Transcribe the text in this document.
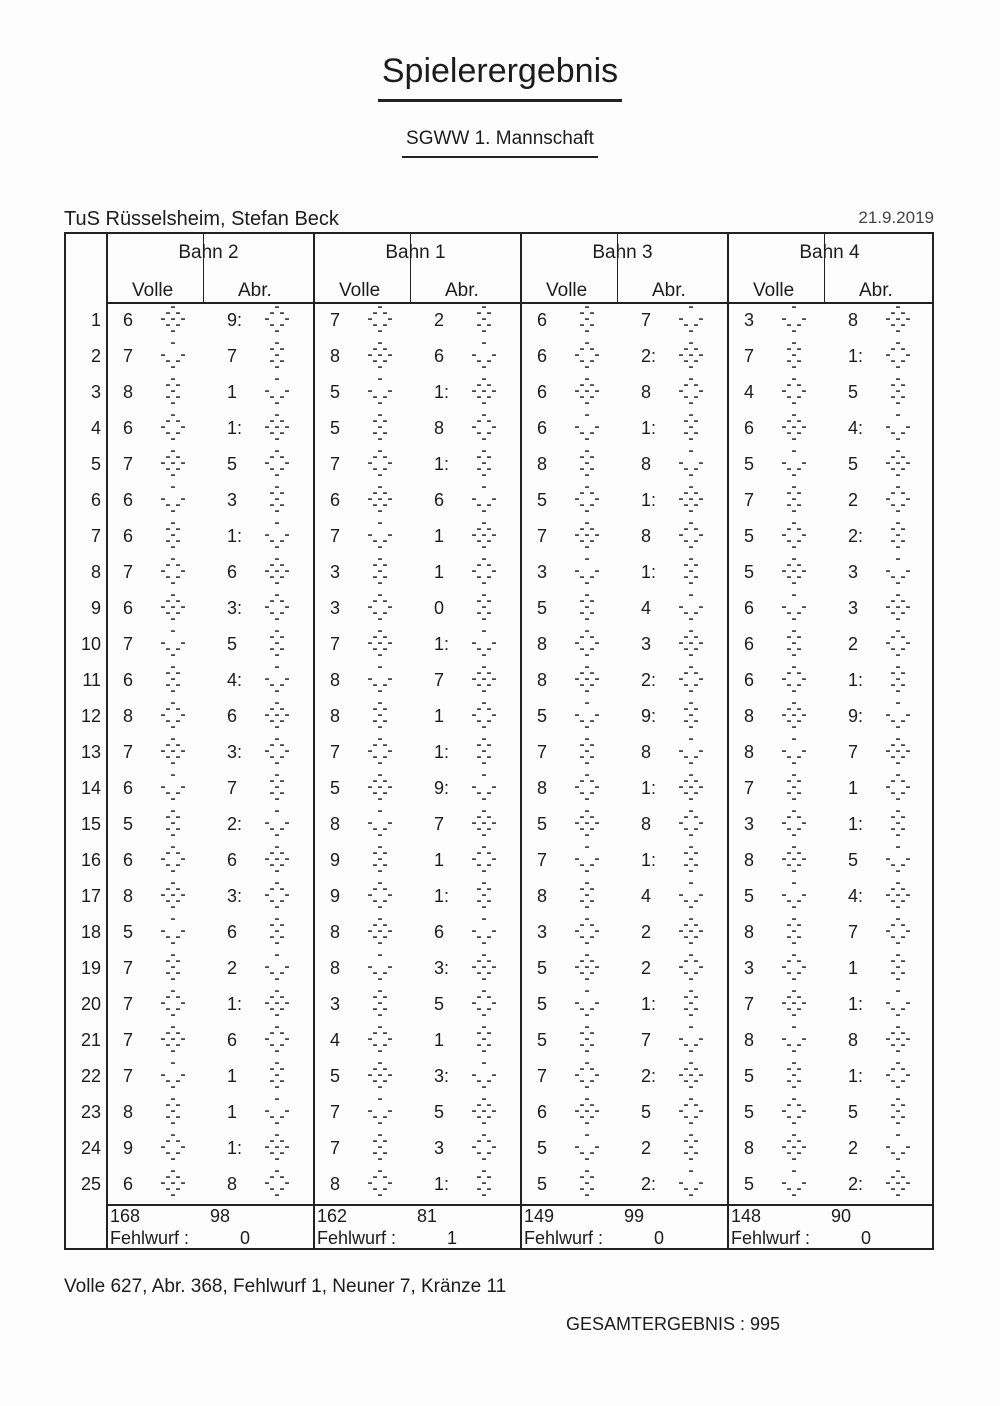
Spielerergebnis
SGWW 1. Mannschaft
TuS Rüsselsheim, Stefan Beck	21.9.2019
Bahn 2
Volle	Abr.
168	98
Fehlwurf :	0
Bahn 1
Volle	Abr.
162	81
Fehlwurf :	1
Bahn 3
Volle	Abr.
149	99
Fehlwurf :	0
Bahn 4
Volle	Abr.
148	90
Fehlwurf :	0
1 6	9:	7	2	6	7	3	8
2 7	7	8	6	6	2:	7	1:
3 8	1	5	1:	6	8	4	5
4 6	1:	5	8	6	1:	6	4:
5 7	5	7	1:	8	8	5	5
6 6	3	6	6	5	1:	7	2
7 6	1:	7	1	7	8	5	2:
8 7	6	3	1	3	1:	5	3
9 6	3:	3	0	5	4	6	3
10 7	5	7	1:	8	3	6	2
11 6	4:	8	7	8	2:	6	1:
12 8	6	8	1	5	9:	8	9:
13 7	3:	7	1:	7	8	8	7
14 6	7	5	9:	8	1:	7	1
15 5	2:	8	7	5	8	3	1:
16 6	6	9	1	7	1:	8	5
17 8	3:	9	1:	8	4	5	4:
18 5	6	8	6	3	2	8	7
19 7	2	8	3:	5	2	3	1
20 7	1:	3	5	5	1:	7	1:
21 7	6	4	1	5	7	8	8
22 7	1	5	3:	7	2:	5	1:
23 8	1	7	5	6	5	5	5
24 9	1:	7	3	5	2	8	2
25 6	8	8	1:	5	2:	5	2:
Volle 627, Abr. 368, Fehlwurf 1, Neuner 7, Kränze 11
GESAMTERGEBNIS : 995
